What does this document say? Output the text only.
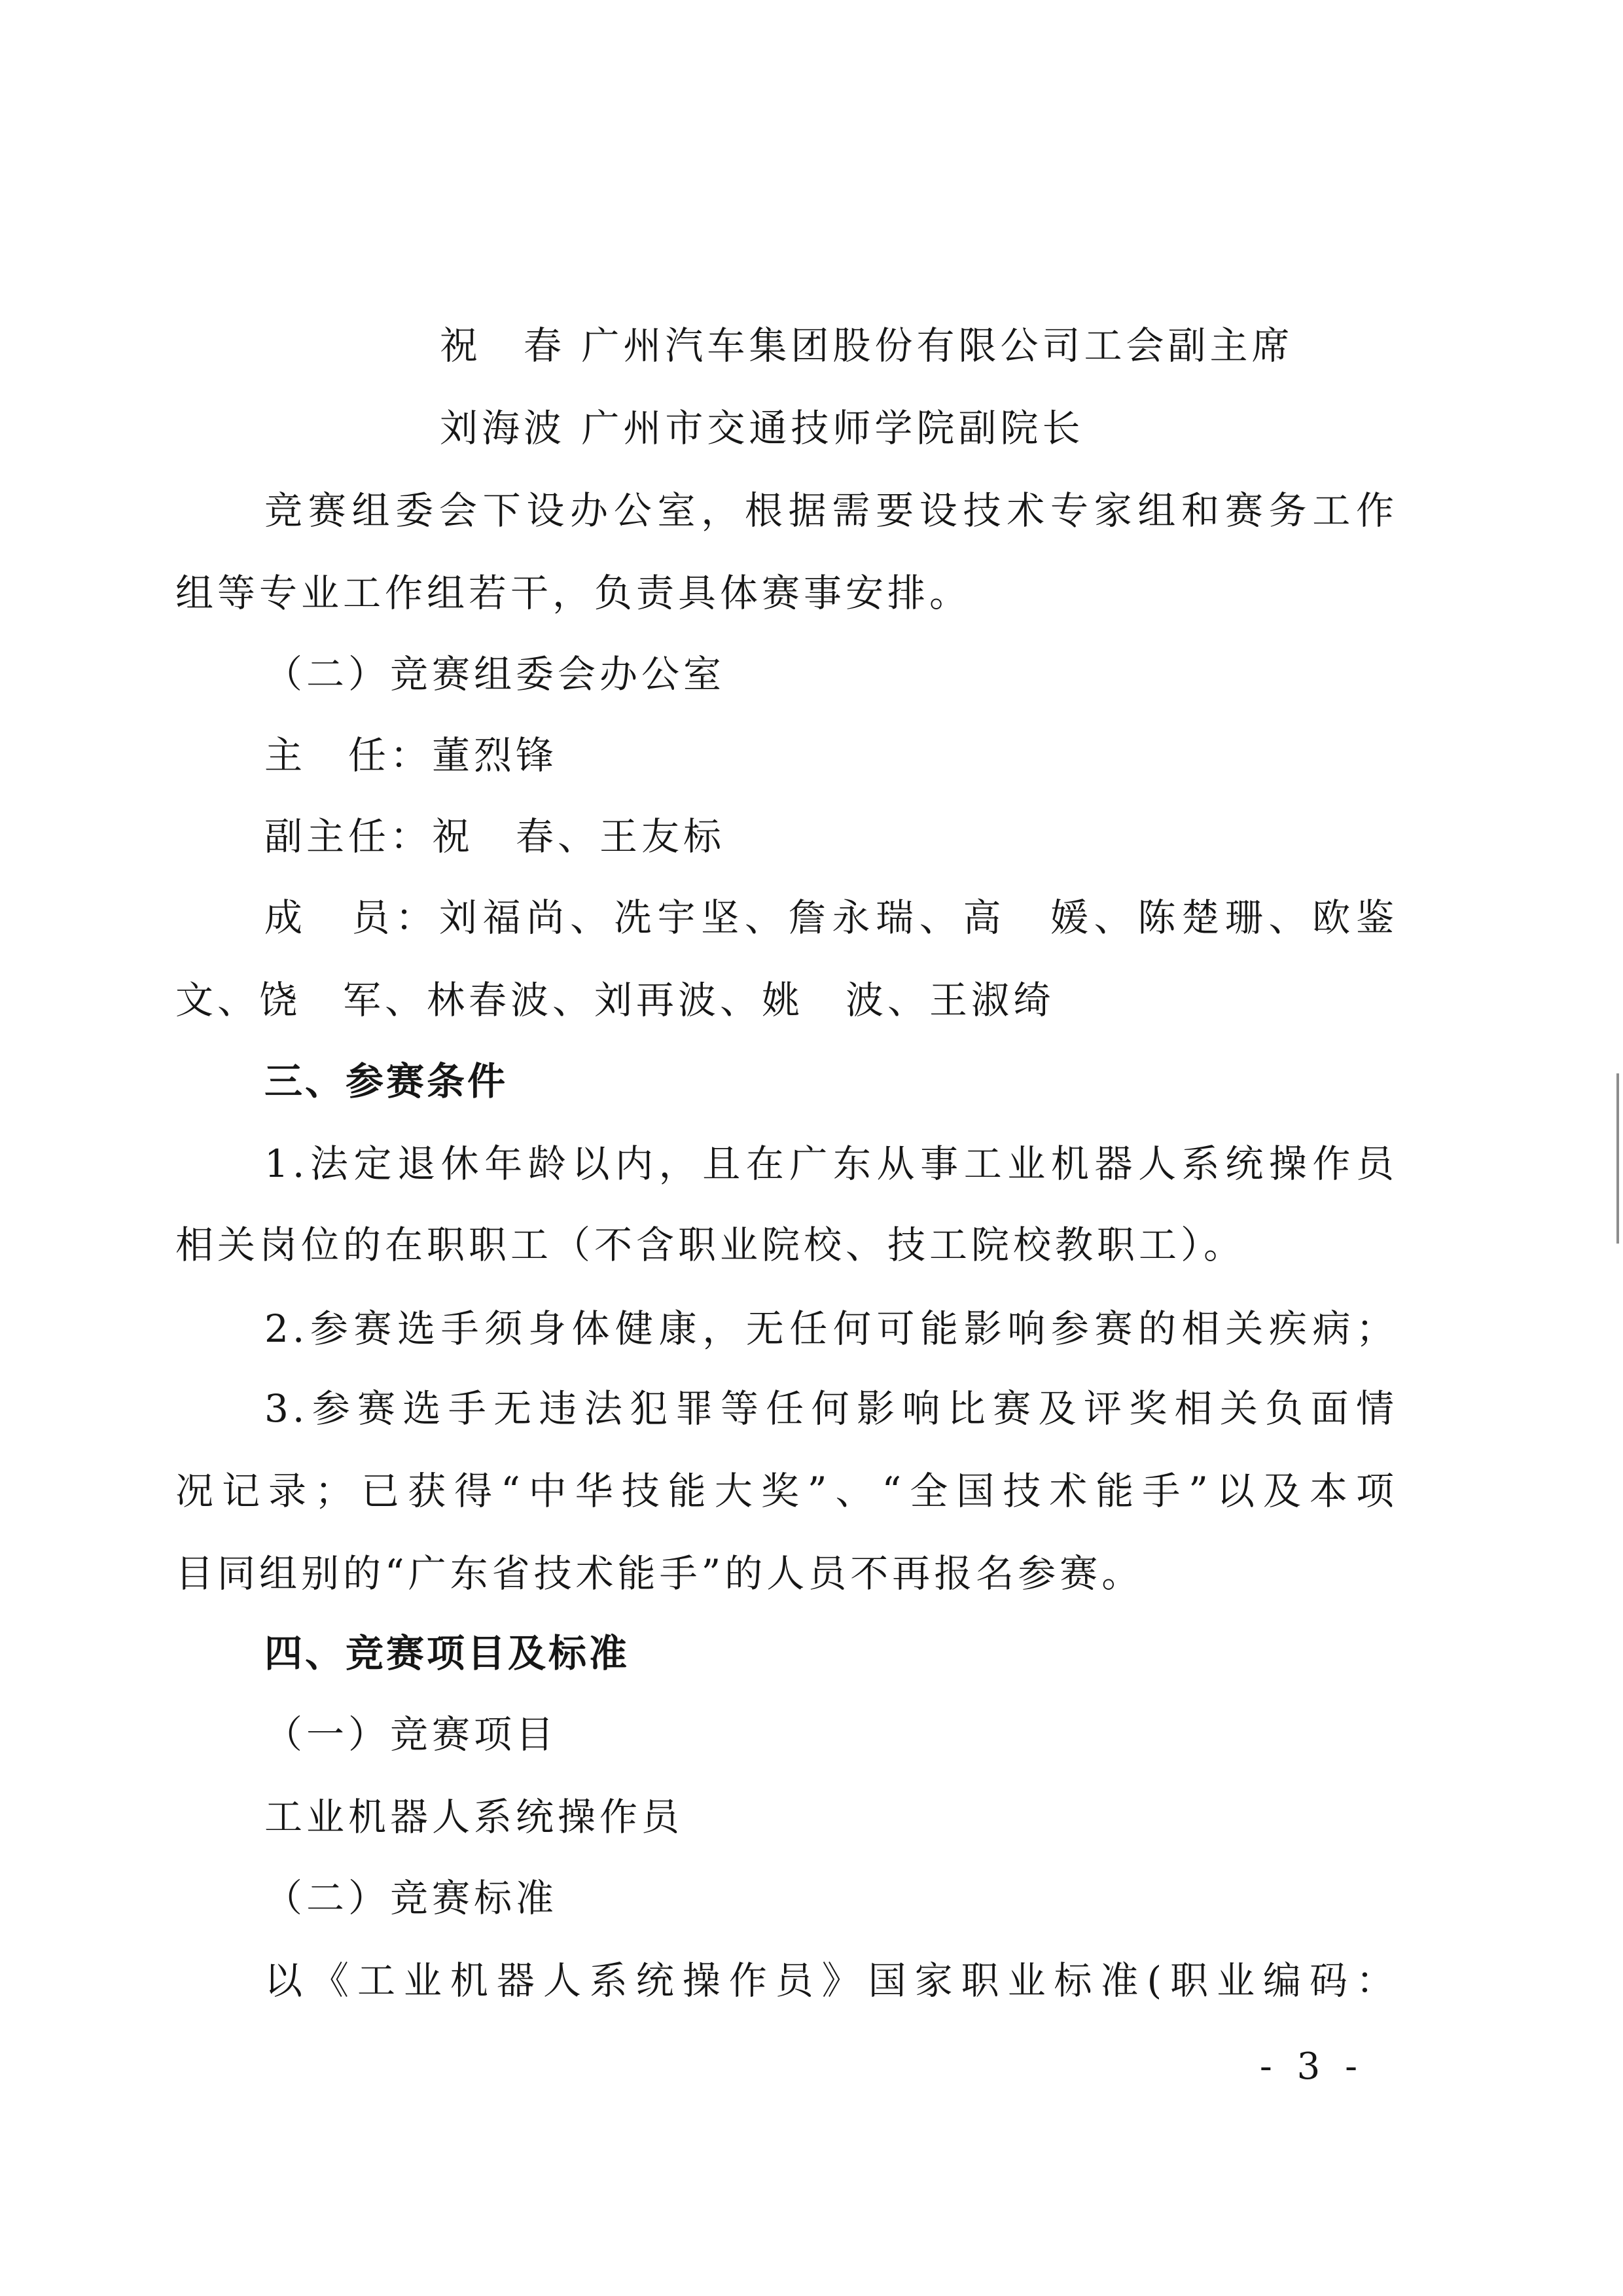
祝　春 广州汽车集团股份有限公司工会副主席
刘海波 广州市交通技师学院副院长
竞赛组委会下设办公室，根据需要设技术专家组和赛务工作
组等专业工作组若干，负责具体赛事安排。
（二）竞赛组委会办公室
主　任：董烈锋
副主任：祝　春、王友标
成　员：刘福尚、冼宇坚、詹永瑞、高　媛、陈楚珊、欧鉴
文、饶　军、林春波、刘再波、姚　波、王淑绮
三、参赛条件
1.法定退休年龄以内，且在广东从事工业机器人系统操作员
相关岗位的在职职工（不含职业院校、技工院校教职工）。
2.参赛选手须身体健康，无任何可能影响参赛的相关疾病；
3.参赛选手无违法犯罪等任何影响比赛及评奖相关负面情
况记录；已获得“中华技能大奖”、“全国技术能手”以及本项
目同组别的“广东省技术能手”的人员不再报名参赛。
四、竞赛项目及标准
（一）竞赛项目
工业机器人系统操作员
（二）竞赛标准
以《工业机器人系统操作员》国家职业标准(职业编码：
- 3 -
